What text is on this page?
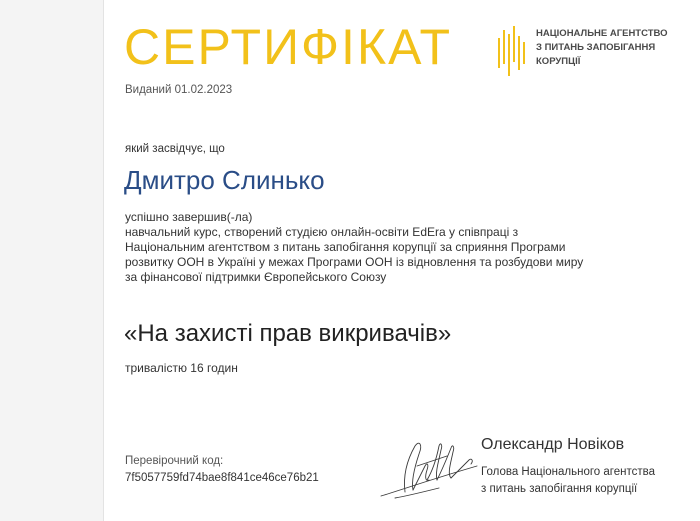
СЕРТИФІКАТ
Виданий 01.02.2023
НАЦІОНАЛЬНЕ АГЕНТСТВО
З ПИТАНЬ ЗАПОБІГАННЯ
КОРУПЦІЇ
який засвідчує, що
Дмитро Слинько
успішно завершив(-ла)
навчальний курс, створений студією онлайн-освіти EdEra у співпраці з
Національним агентством з питань запобігання корупції за сприяння Програми
розвитку ООН в Україні у межах Програми ООН із відновлення та розбудови миру
за фінансової підтримки Європейського Союзу
«На захисті прав викривачів»
тривалістю 16 годин
Перевірочний код:
7f5057759fd74bae8f841ce46ce76b21
Олександр Новіков
Голова Національного агентства
з питань запобігання корупції
